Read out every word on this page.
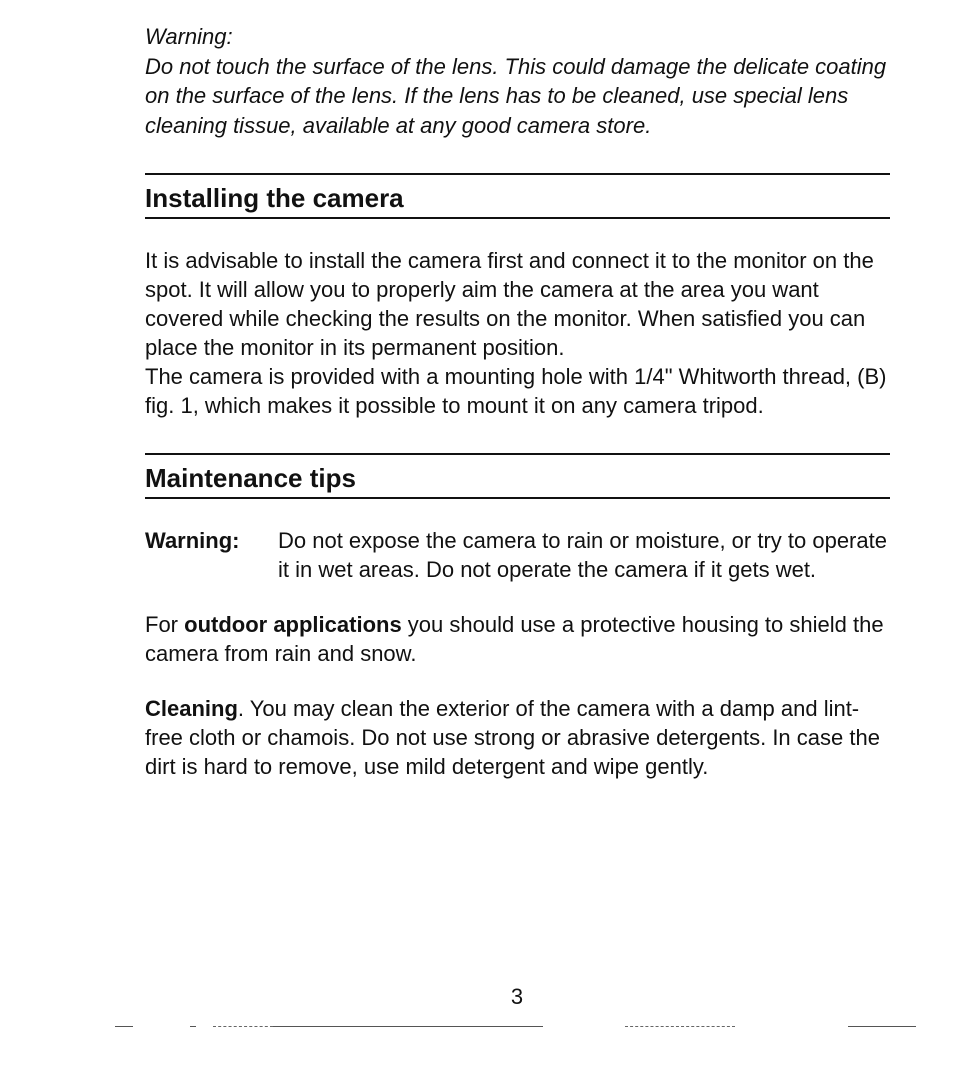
Warning:

Do not touch the surface of the lens. This could damage the delicate coating on the surface of the lens. If the lens has to be cleaned, use special lens cleaning tissue, available at any good camera store.

Installing the camera

It is advisable to install the camera first and connect it to the monitor on the spot. It will allow you to properly aim the camera at the area you want covered while checking the results on the monitor. When satisfied you can place the monitor in its permanent position.

The camera is provided with a mounting hole with 1/4" Whitworth thread, (B) fig. 1, which makes it possible to mount it on any camera tripod.

Maintenance tips
Warning:	Do not expose the camera to rain or moisture, or try to operate it in wet areas. Do not operate the camera if it gets wet.

For outdoor applications you should use a protective housing to shield the camera from rain and snow.

Cleaning. You may clean the exterior of the camera with a damp and lint-free cloth or chamois. Do not use strong or abrasive detergents. In case the dirt is hard to remove, use mild detergent and wipe gently.

3
